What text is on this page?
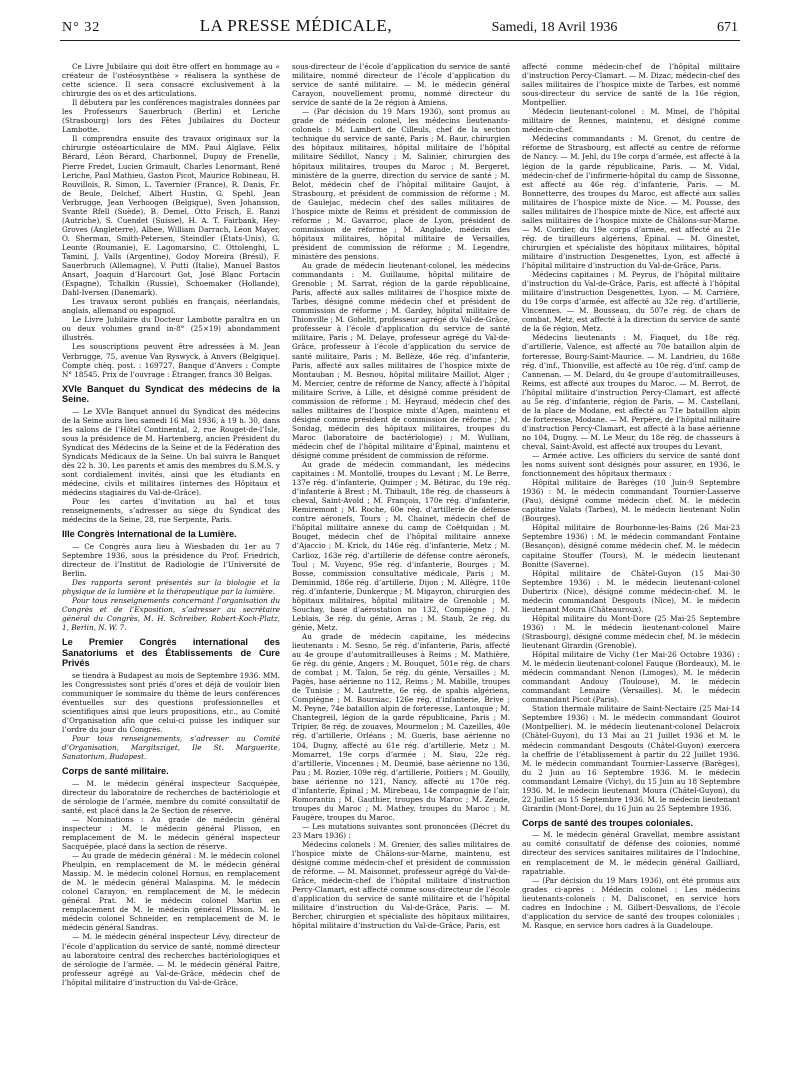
N° 32	LA PRESSE MÉDICALE,	Samedi, 18 Avril 1936	671

Ce Livre Jubilaire qui doit être offert en hommage au « créateur de l’ostéosynthèse » réalisera la synthèse de cette science. Il sera consacré exclusivement à la chirurgie des os et des articulations.

Il débutera par les conférences magistrales données par les Professeurs Sauerbruch (Berlin) et Leriche (Strasbourg) lors des Fêtes Jubilaires du Docteur Lambotte.

Il comprendra ensuite des travaux originaux sur la chirurgie ostéoarticulaire de MM. Paul Alglave, Félix Bérard, Léon Bérard, Charbonnel, Dupuy de Frenelle, Pierre Fredet, Lucien Grimault, Charles Lenormant, René Leriche, Paul Mathieu, Gaston Picot, Maurice Robineau, H. Rouvillois, R. Simon, L. Tavernier (France), R. Danis, Fr. de Beule, Delchef, Albert Hustin, G. Spehl, Jean Verbrugge, Jean Verhoogen (Belgique), Sven Johansson, Svante Rfell (Suède), B. Demel, Otto Frisch, E. Ranzi (Autriche), S. Cuendet (Suisse), H. A. T. Fairbank, Hey-Groves (Angleterre), Albee, William Darrach, Léon Mayer, O. Sherman, Smith-Petersen, Steindler (États-Unis), G. Leonte (Roumanie), E. Lagomarsino, C. Ottolenghi, L. Tamini, J. Valls (Argentine), Godoy Moreira (Brésil), F. Sauerbruch (Allemagne), V. Putti (Italie), Manuel Bastos Ansart, Joaquin d’Harcourt Got, José Blanc Fortacin (Espagne), Tchalkin (Russie), Schoemaker (Hollande), Dahl-Iversen (Danemark).

Les travaux seront publiés en français, néerlandais, anglais, allemand ou espagnol.

Le Livre Jubilaire du Docteur Lambotte paraîtra en un ou deux volumes grand in-8° (25×19) abondamment illustrés.

Les souscriptions peuvent être adressées à M. Jean Verbrugge, 75, avenue Van Ryswyck, à Anvers (Belgique). Compte chèq. post. : 169727, Banque d’Anvers : Compte N° 18545. Prix de l’ouvrage : Étranger, francs 30 Belgas.

XVIe Banquet du Syndicat des médecins de la Seine.

— Le XVIe Banquet annuel du Syndicat des médecins de la Seine aura lieu samedi 16 Mai 1936, à 19 h. 30, dans les salons de l’Hôtel Continental, 2, rue Rouget-de-l’Isle, sous la présidence de M. Hartenberg, ancien Président du Syndicat des Médecins de la Seine et de la Fédération des Syndicats Médicaux de la Seine. Un bal suivra le Banquet dès 22 h. 30. Les parents et amis des membres du S.M.S. y sont cordialement invités, ainsi que les étudiants en médecine, civils et militaires (internes des Hôpitaux et médecins stagiaires du Val-de-Grâce).

Pour les cartes d’invitation au bal et tous renseignements, s’adresser au siège du Syndicat des médecins de la Seine, 28, rue Serpente, Paris.

IIIe Congrès International de la Lumière.

— Ce Congrès aura lieu à Wiesbaden du 1er au 7 Septembre 1936, sous la présidence du Prof. Friedrich, directeur de l’Institut de Radiologie de l’Université de Berlin.

Des rapports seront présentés sur la biologie et la physique de la lumière et la thérapeutique par la lumière.

Pour tous renseignements concernant l’organisation du Congrès et de l’Exposition, s’adresser au secrétaire général du Congrès, M. H. Schreiber, Robert-Koch-Platz, 1, Berlin, N. W. 7.

Le Premier Congrès international des Sanatoriums et des Établissements de Cure Privés

se tiendra à Budapest au mois de Septembre 1936. MM. les Congressistes sont priés d’ores et déjà de vouloir bien communiquer le sommaire du thème de leurs conférences éventuelles sur des questions professionnelles et scientifiques ainsi que leurs propositions, etc., au Comité d’Organisation afin que celui-ci puisse les indiquer sur l’ordre du jour du Congrès.

Pour tous renseignements, s’adresser au Comité d’Organisation, Margitsziget, Ile St. Marguerite, Sanatorium, Budapest.

Corps de santé militaire.

— M. le médecin général inspecteur Sacquépée, directeur du laboratoire de recherches de bactériologie et de sérologie de l’armée, membre du comité consultatif de santé, est placé dans la 2e Section de réserve.

— Nominations : Au grade de médecin général inspecteur : M. le médecin général Plisson, en remplacement de M. le médecin général inspecteur Sacquépée, placé dans la section de réserve.

— Au grade de médecin général : M. le médecin colonel Pheulpin, en remplacement de M. le médecin général Massip. M. le médecin colonel Hornus, en remplacement de M. le médecin général Malaspina. M. le médecin colonel Carayon, en remplacement de M. le médecin général Prat. M. le médecin colonel Martin en remplacement de M. le médecin général Plisson. M. le médecin colonel Schneider, en remplacement de M. le médecin général Sandras.

— M. le médecin général inspecteur Lévy, directeur de l’école d’application du service de santé, nommé directeur au laboratoire central des recherches bactériologiques et de sérologie de l’armée. — M. le médecin général Paitre, professeur agrégé au Val-de-Grâce, médecin chef de l’hôpital militaire d’instruction du Val-de-Grâce,

sous-directeur de l’école d’application du service de santé militaire, nommé directeur de l’école d’application du service de santé militaire. — M. le médecin général Carayon, nouvellement promu, nommé directeur du service de santé de la 2e région à Amiens.

— (Par décision du 19 Mars 1936), sont promus au grade de médecin colonel, les médecins lieutenants-colonels : M. Lambert de Cilleuls, chef de la section technique du service de santé, Paris ; M. Baur, chirurgien des hôpitaux militaires, hôpital militaire de l’hôpital militaire Sédillot, Nancy ; M. Salinier, chirurgien des hôpitaux militaires, troupes du Maroc ; M. Bergeret, ministère de la guerre, direction du service de santé ; M. Belot, médecin chef de l’hôpital militaire Gaujot, à Strasbourg, et président de commission de réforme ; M. de Gaulejac, médecin chef des salles militaires de l’hospice mixte de Reims et président de commission de réforme ; M. Gavarroc, place de Lyon, président de commission de réforme ; M. Anglade, médecin des hôpitaux militaires, hôpital militaire de Versailles, président de commission de réforme ; M. Legendre, ministère des pensions.

Au grade de médecin lieutenant-colonel, les médecins commandants : M. Guillaume, hôpital militaire de Grenoble ; M. Sarrat, région de la garde républicaine, Paris, affecté aux salles militaires de l’hospice mixte de Tarbes, désigné comme médecin chef et président de commission de réforme ; M. Gardey, hôpital militaire de Thionville ; M. Goheltt, professeur agrégé du Val-de-Grâce, professeur à l’école d’application du service de santé militaire, Paris ; M. Delaye, professeur agrégé du Val-de-Grâce, professeur à l’école d’application du service de santé militaire, Paris ; M. Bellèze, 46e rég. d’infanterie, Paris, affecté aux salles militaires de l’hospice mixte de Montauban ; M. Besnou, hôpital militaire Maillot, Alger ; M. Mercier, centre de réforme de Nancy, affecté à l’hôpital militaire Scrive, à Lille, et désigné comme président de commission de réforme ; M. Heyraud, médecin chef des salles militaires de l’hospice mixte d’Agen, maintenu et désigné comme président de commission de réforme ; M. Sondag, médecin des hôpitaux militaires, troupes du Maroc (laboratoire de bactériologie) ; M. Wulliam, médecin chef de l’hôpital militaire d’Épinal, maintenu et désigné comme président de commission de réforme.

Au grade de médecin commandant, les médecins capitaines : M. Montollé, troupes du Levant ; M. Le Berre, 137e rég. d’infanterie, Quimper ; M. Bétirac, du 19e rég. d’infanterie à Brest ; M. Thibault, 18e rég. de chasseurs à cheval, Saint-Avold ; M. François, 170e rég. d’infanterie, Remiremont ; M. Roche, 60e rég. d’artillerie de défense contre aéronefs, Tours ; M. Chainet, médecin chef de l’hôpital militaire annexe du camp de Coëtquidan ; M. Bouget, médecin chef de l’hôpital militaire annexe d’Ajaccio ; M. Krick, du 146e rég. d’infanterie, Metz ; M. Carlioz, 163e rég. d’artillerie de défense contre aéronefs, Toul ; M. Vuyenc, 95e rég. d’infanterie, Bourges ; M. Bosse, commission consultative médicale, Paris ; M. Deminmid, 186e rég. d’artillerie, Dijon ; M. Allègre, 110e rég. d’infanterie, Dunkerque ; M. Migayron, chirurgien des hôpitaux militaires, hôpital militaire de Grenoble ; M. Souchay, base d’aérostation no 132, Compiègne ; M. Leblais, 3e rég. du génie, Arras ; M. Staub, 2e rég. du génie, Metz.

Au grade de médecin capitaine, les médecins lieutenants : M. Sesno, 5e rég. d’infanterie, Paris, affecté au 4e groupe d’automitrailleuses à Reims ; M. Mathière, 6e rég. du génie, Angers ; M. Bouquet, 501e rég. de chars de combat ; M. Talon, 5e rég. du génie, Versailles ; M. Pagès, base aérienne no 112, Reims ; M. Mabille, troupes de Tunisie ; M. Lautrette, 6e rég. de spahis algériens, Compiègne ; M. Boursiac, 126e rég. d’infanterie, Brive ; M. Peyne, 74e bataillon alpin de forteresse, Lantosque ; M. Chantegreil, légion de la garde républicaine, Paris ; M. Tripier, 8e rég. de zouaves, Mourmelon ; M. Cazeilles, 40e rég. d’artillerie, Orléans ; M. Gueris, base aérienne no 104, Dugny, affecté au 61e rég. d’artillerie, Metz ; M. Momarret, 19e corps d’armée ; M. Siau, 22e rég. d’artillerie, Vincennes ; M. Deumié, base aérienne no 136, Pau ; M. Rozier, 109e rég. d’artillerie, Poitiers ; M. Gouilly, base aérienne no 121, Nancy, affecté au 170e rég. d’infanterie, Épinal ; M. Mirebeau, 14e compagnie de l’air, Romorantin ; M. Gauthier, troupes du Maroc ; M. Zeude, troupes du Maroc ; M. Mathey, troupes du Maroc ; M. Faugère, troupes du Maroc.

— Les mutations suivantes sont prononcées (Décret du 23 Mars 1936) :

Médecins colonels : M. Grenier, des salles militaires de l’hospice mixte de Châlons-sur-Marne, maintenu, est désigné comme médecin-chef et président de commission de réforme. — M. Maisonnet, professeur agrégé du Val-de-Grâce, médecin-chef de l’hôpital militaire d’instruction Percy-Clamart, est affecté comme sous-directeur de l’école d’application du service de santé militaire et de l’hôpital militaire d’instruction du Val-de-Grâce, Paris. — M. Bercher, chirurgien et spécialiste des hôpitaux militaires, hôpital militaire d’instruction du Val-de-Grâce, Paris, est

affecté comme médecin-chef de l’hôpital militaire d’instruction Percy-Clamart. — M. Dizac, médecin-chef des salles militaires de l’hospice mixte de Tarbes, est nommé sous-directeur du service de santé de la 16e région, Montpellier.

Médecin lieutenant-colonel : M. Minel, de l’hôpital militaire de Rennes, maintenu, et désigné comme médecin-chef.

Médecins commandants : M. Grenot, du centre de réforme de Strasbourg, est affecté au centre de réforme de Nancy. — M. Jehl, du 19e corps d’armée, est affecté à la légion de la garde républicaine, Paris. — M. Vidal, médecin-chef de l’infirmerie-hôpital du camp de Sissonne, est affecté au 46e rég. d’infanterie, Paris. — M. Bonnetterre, des troupes du Maroc, est affecté aux salles militaires de l’hospice mixte de Nice. — M. Pousse, des salles militaires de l’hospice mixte de Nice, est affecté aux salles militaires de l’hospice mixte de Châlons-sur-Marne. — M. Cordier, du 19e corps d’armée, est affecté au 21e rég. de tirailleurs algériens, Épinal. — M. Ginestet, chirurgien et spécialiste des hôpitaux militaires, hôpital militaire d’instruction Desgenettes, Lyon, est affecté à l’hôpital militaire d’instruction du Val-de-Grâce, Paris.

Médecins capitaines : M. Peyrus, de l’hôpital militaire d’instruction du Val-de-Grâce, Paris, est affecté à l’hôpital militaire d’instruction Desgenettes, Lyon. — M. Carrière, du 19e corps d’armée, est affecté au 32e rég. d’artillerie, Vincennes. — M. Bousseau, du 507e rég. de chars de combat, Metz, est affecté à la direction du service de santé de la 6e région, Metz.

Médecins lieutenants : M. Fiaquet, du 18e rég. d’artillerie, Valence, est affecté au 70e bataillon alpin de forteresse, Bourg-Saint-Maurice. — M. Landrieu, du 168e rég. d’inf., Thionville, est affecté au 10e rég. d’inf. camp de Cannenan. — M. Delard, du 4e groupe d’automitrailleuses, Reims, est affecté aux troupes du Maroc. — M. Berrot, de l’hôpital militaire d’instruction Percy-Clamart, est affecté au 5e rég. d’infanterie, région de Paris. — M. Castellani, de la place de Modane, est affecté au 71e bataillon alpin de forteresse, Modane. — M. Perpère, de l’hôpital militaire d’instruction Percy-Clamart, est affecté à la base aérienne no 104, Dugny. — M. Le Meur, du 18e rég. de chasseurs à cheval, Saint-Avold, est affecté aux troupes du Levant.

— Armée active. Les officiers du service de santé dont les noms suivent sont désignés pour assurer, en 1936, le fonctionnement des hôpitaux thermaux :

Hôpital militaire de Barèges (10 Juin-9 Septembre 1936) : M. le médecin commandant Tournier-Lasserve (Pau), désigné comme médecin chef. M. le médecin capitaine Valats (Tarbes), M. le médecin lieutenant Nolin (Bourges).

Hôpital militaire de Bourbonne-les-Bains (26 Mai-23 Septembre 1936) : M. le médecin commandant Fontaine (Besançon), désigné comme médecin chef. M. le médecin capitaine Stouffer (Tours), M. le médecin lieutenant Bonitte (Saverne).

Hôpital militaire de Châtel-Guyon (15 Mai-30 Septembre 1936) : M. le médecin lieutenant-colonel Dubertrix (Nice), désigné comme médecin-chef. M. le médecin commandant Desgouts (Nice), M. le médecin lieutenant Moura (Châteauroux).

Hôpital militaire du Mont-Dore (25 Mai-25 Septembre 1936) : M. le médecin lieutenant-colonel Maire (Strasbourg), désigné comme médecin chef, M. le médecin lieutenant Girardin (Grenoble).

Hôpital militaire de Vichy (1er Mai-26 Octobre 1936) : M. le médecin lieutenant-colonel Fauque (Bordeaux), M. le médecin commandant Nenon (Limoges), M. le médecin commandant Andouy (Toulouse), M. le médecin commandant Lemaire (Versailles). M. le médecin commandant Picot (Paris).

Station thermale militaire de Saint-Nectaire (25 Mai-14 Septembre 1936) : M. le médecin commandant Gouirot (Montpellier). M. le médecin lieutenant-colonel Delacroix (Châtel-Guyon), du 13 Mai au 21 Juillet 1936 et M. le médecin commandant Desgouts (Châtel-Guyon) exercera la cheffrie de l’établissement à partir du 22 Juillet 1936. M. le médecin commandant Tournier-Lasserve (Barèges), du 2 Juin au 16 Septembre 1936. M. le médecin commandant Lemaire (Vichy), du 15 Juin au 18 Septembre 1936. M. le médecin lieutenant Moura (Châtel-Guyon), du 22 Juillet au 15 Septembre 1936. M. le médecin lieutenant Girardin (Mont-Dore), du 16 Juin au 25 Septembre 1936.

Corps de santé des troupes coloniales.

— M. le médecin général Gravellat, membre assistant au comité consultatif de défense des colonies, nommé directeur des services sanitaires militaires de l’Indochine, en remplacement de M. le médecin général Gailliard, rapatriable.

— (Par décision du 19 Mars 1936), ont été promus aux grades ci-après : Médecin colonel : Les médecins lieutenants-colonels : M. Dalisconet, en service hors cadres en Indochine ; M. Gilbert-Desvallons, de l’école d’application du service de santé des troupes coloniales ; M. Rasque, en service hors cadres à la Guadeloupe.
